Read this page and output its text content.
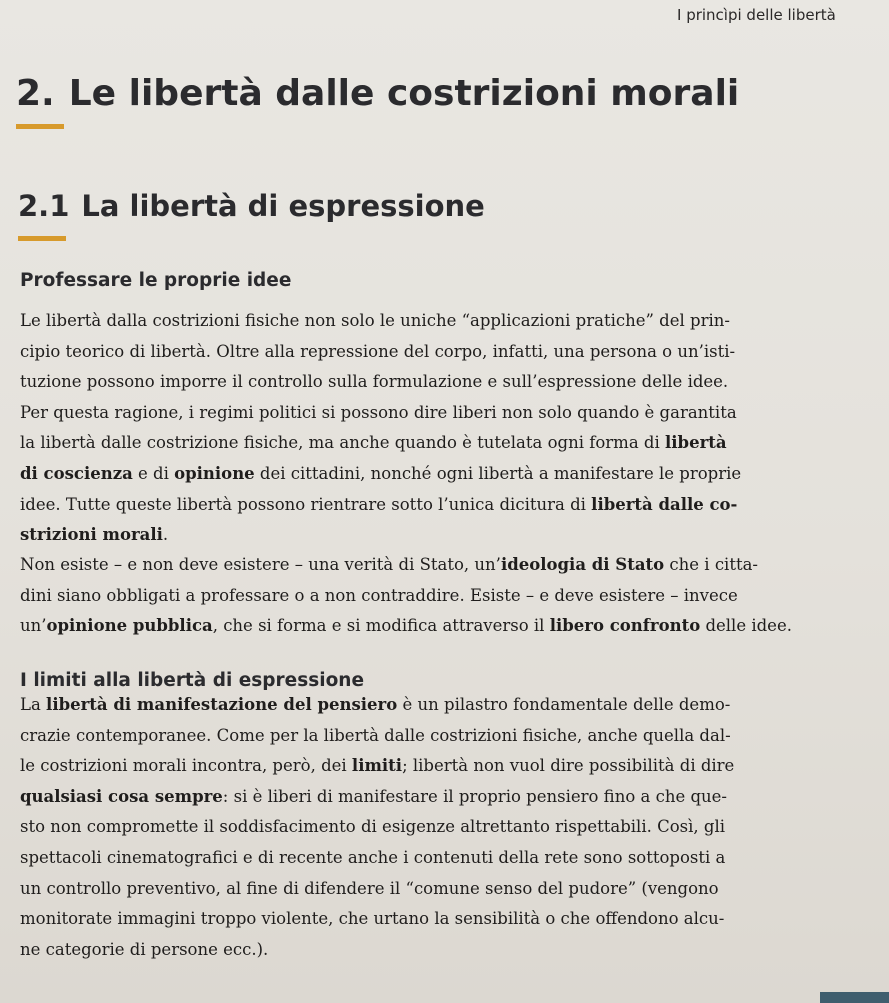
I princìpi delle libertà
2. Le libertà dalle costrizioni morali
2.1 La libertà di espressione
Professare le proprie idee
Le libertà dalla costrizioni fisiche non solo le uniche “applicazioni pratiche” del prin-
cipio teorico di libertà. Oltre alla repressione del corpo, infatti, una persona o un’isti-
tuzione possono imporre il controllo sulla formulazione e sull’espressione delle idee.
Per questa ragione, i regimi politici si possono dire liberi non solo quando è garantita
la libertà dalle costrizione fisiche, ma anche quando è tutelata ogni forma di libertà
di coscienza e di opinione dei cittadini, nonché ogni libertà a manifestare le proprie
idee. Tutte queste libertà possono rientrare sotto l’unica dicitura di libertà dalle co-
strizioni morali.
Non esiste – e non deve esistere – una verità di Stato, un’ideologia di Stato che i citta-
dini siano obbligati a professare o a non contraddire. Esiste – e deve esistere – invece
un’opinione pubblica, che si forma e si modifica attraverso il libero confronto delle idee.
I limiti alla libertà di espressione
La libertà di manifestazione del pensiero è un pilastro fondamentale delle demo-
crazie contemporanee. Come per la libertà dalle costrizioni fisiche, anche quella dal-
le costrizioni morali incontra, però, dei limiti; libertà non vuol dire possibilità di dire
qualsiasi cosa sempre: si è liberi di manifestare il proprio pensiero fino a che que-
sto non compromette il soddisfacimento di esigenze altrettanto rispettabili. Così, gli
spettacoli cinematografici e di recente anche i contenuti della rete sono sottoposti a
un controllo preventivo, al fine di difendere il “comune senso del pudore” (vengono
monitorate immagini troppo violente, che urtano la sensibilità o che offendono alcu-
ne categorie di persone ecc.).
